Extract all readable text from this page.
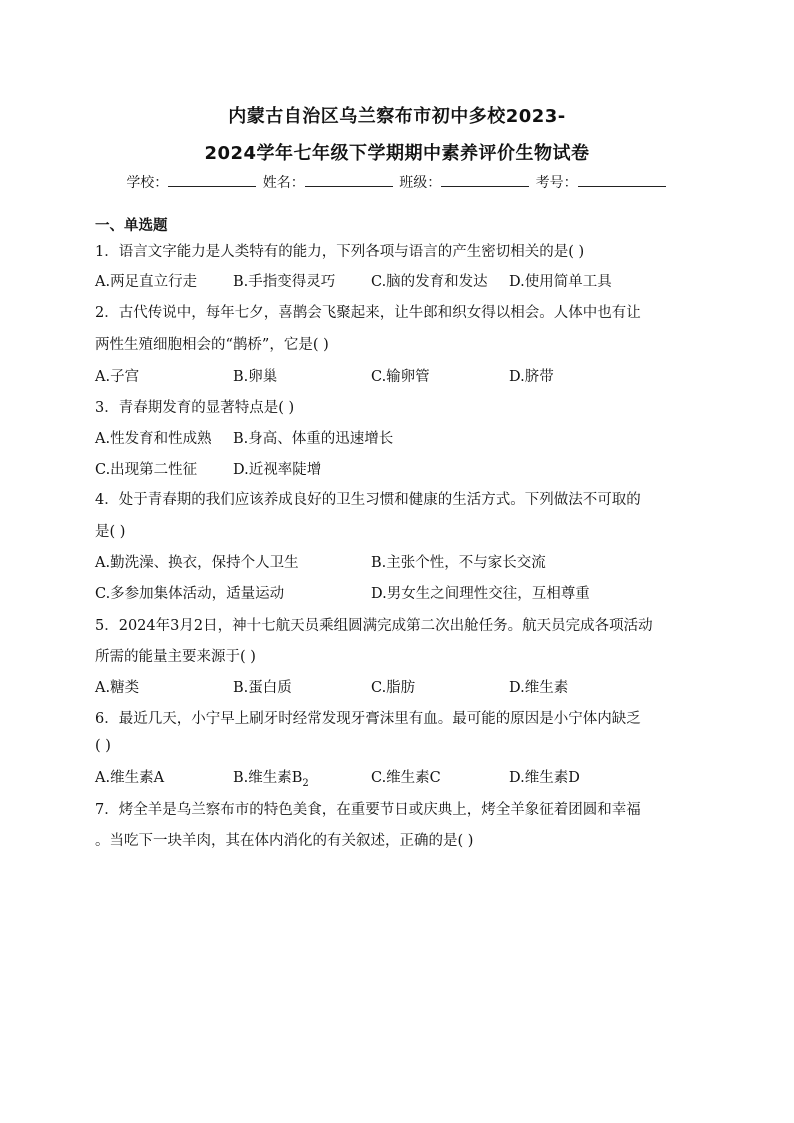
内蒙古自治区乌兰察布市初中多校2023-
2024学年七年级下学期期中素养评价生物试卷
学校：	姓名：	班级：	考号：
一、单选题
1．语言文字能力是人类特有的能力，下列各项与语言的产生密切相关的是( )
A.两足直立行走 B.手指变得灵巧 C.脑的发育和发达 D.使用简单工具
2．古代传说中，每年七夕，喜鹊会飞聚起来，让牛郎和织女得以相会。人体中也有让
两性生殖细胞相会的“鹊桥”，它是( )
A.子宫	B.卵巢	C.输卵管	D.脐带
3．青春期发育的显著特点是( )
A.性发育和性成熟 B.身高、体重的迅速增长
C.出现第二性征 D.近视率陡增
4．处于青春期的我们应该养成良好的卫生习惯和健康的生活方式。下列做法不可取的
是( )
A.勤洗澡、换衣，保持个人卫生	B.主张个性，不与家长交流
C.多参加集体活动，适量运动	D.男女生之间理性交往，互相尊重
5．2024年3月2日，神十七航天员乘组圆满完成第二次出舱任务。航天员完成各项活动
所需的能量主要来源于( )
A.糖类	B.蛋白质	C.脂肪	D.维生素
6．最近几天，小宁早上刷牙时经常发现牙膏沫里有血。最可能的原因是小宁体内缺乏
( )
A.维生素A	B.维生素$B_2$	C.维生素C	D.维生素D
7．烤全羊是乌兰察布市的特色美食，在重要节日或庆典上，烤全羊象征着团圆和幸福
。当吃下一块羊肉，其在体内消化的有关叙述，正确的是( )
